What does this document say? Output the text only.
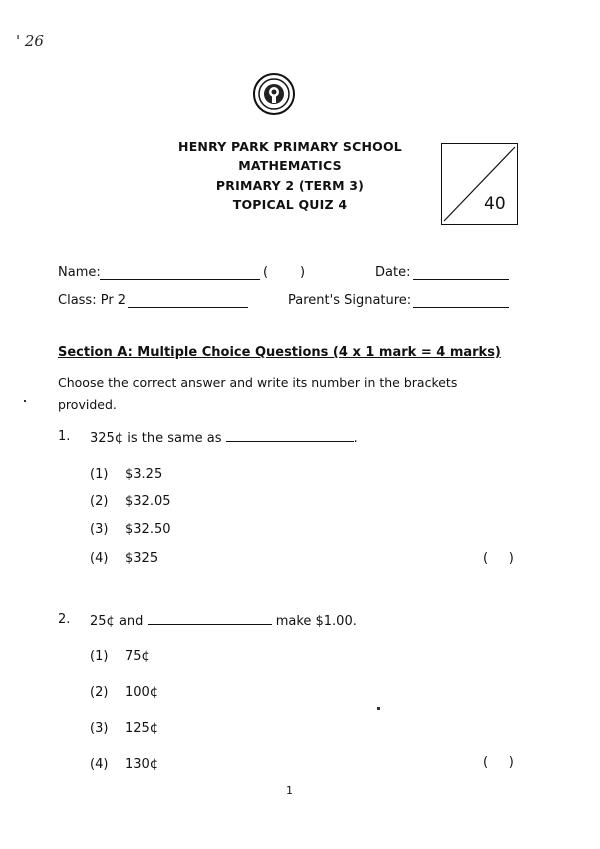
' 26
HENRY PARK PRIMARY SCHOOL
MATHEMATICS
PRIMARY 2 (TERM 3)
TOPICAL QUIZ 4	40
Name:	( )	Date:
Class: Pr 2	Parent's Signature:
Section A: Multiple Choice Questions (4 x 1 mark = 4 marks)
Choose the correct answer and write its number in the brackets
provided.
1. 325¢ is the same as	.
(1) $3.25
(2) $32.05
(3) $32.50
(4) $325	(     )
2. 25¢ and	make $1.00.
(1) 75¢
(2) 100¢
(3) 125¢
(4) 130¢	(     )
1
